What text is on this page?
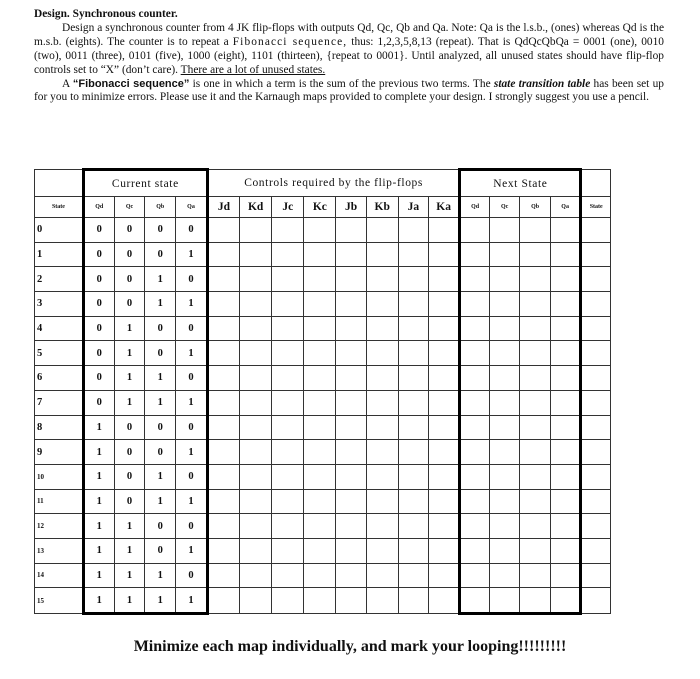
Design. Synchronous counter.

Design a synchronous counter from 4 JK flip-flops with outputs Qd, Qc, Qb and Qa. Note: Qa is the l.s.b., (ones) whereas Qd is the m.s.b. (eights). The counter is to repeat a Fibonacci sequence, thus: 1,2,3,5,8,13 (repeat). That is QdQcQbQa = 0001 (one), 0010 (two), 0011 (three), 0101 (five), 1000 (eight), 1101 (thirteen), {repeat to 0001}. Until analyzed, all unused states should have flip-flop controls set to “X” (don’t care). There are a lot of unused states.

A “Fibonacci sequence” is one in which a term is the sum of the previous two terms. The state transition table has been set up for you to minimize errors. Please use it and the Karnaugh maps provided to complete your design. I strongly suggest you use a pencil.

	Current state				Controls required by the flip-flops								Next State				
State	Qd	Qc	Qb	Qa	Jd	Kd	Jc	Kc	Jb	Kb	Ja	Ka	Qd	Qc	Qb	Qa	State
0	0	0	0	0													
1	0	0	0	1													
2	0	0	1	0													
3	0	0	1	1													
4	0	1	0	0													
5	0	1	0	1													
6	0	1	1	0													
7	0	1	1	1													
8	1	0	0	0													
9	1	0	0	1													
10	1	0	1	0													
11	1	0	1	1													
12	1	1	0	0													
13	1	1	0	1													
14	1	1	1	0													
15	1	1	1	1													
Minimize each map individually, and mark your looping!!!!!!!!!
